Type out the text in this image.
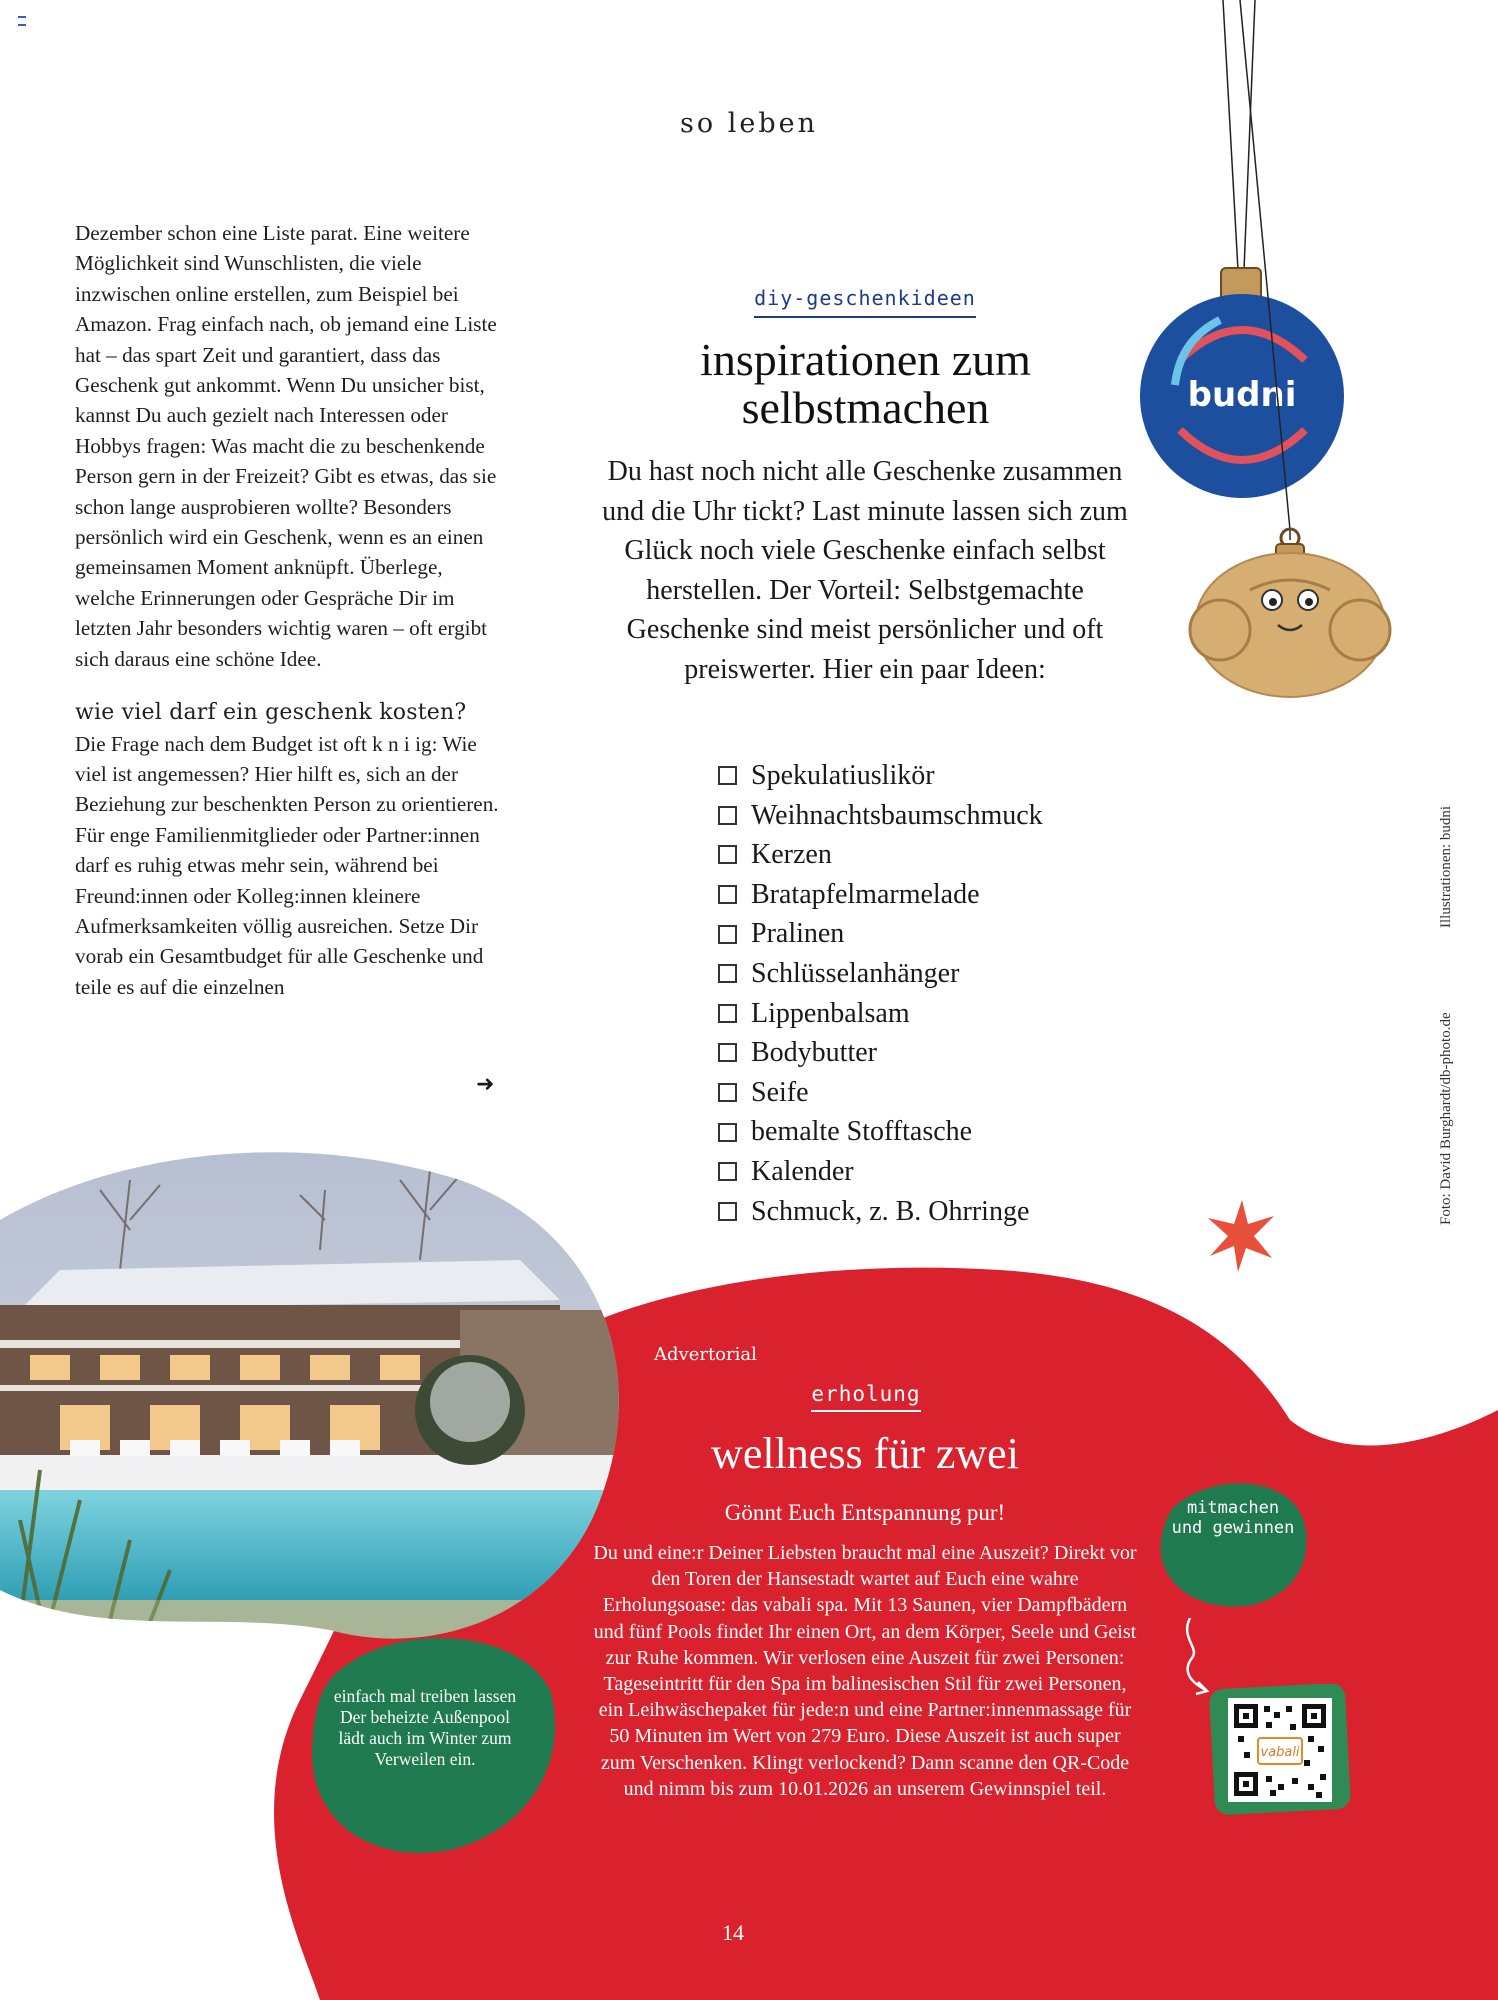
so leben
budni

Dezember schon eine Liste parat. Eine weitere Möglichkeit sind Wunschlisten, die viele inzwischen online erstellen, zum Beispiel bei Amazon. Frag einfach nach, ob jemand eine Liste hat – das spart Zeit und garantiert, dass das Geschenk gut ankommt. Wenn Du unsicher bist, kannst Du auch gezielt nach Interessen oder Hobbys fragen: Was macht die zu beschenkende Person gern in der Freizeit? Gibt es etwas, das sie schon lange ausprobieren wollte? Besonders persönlich wird ein Geschenk, wenn es an einen gemeinsamen Moment anknüpft. Überlege, welche Erinnerungen oder Gespräche Dir im letzten Jahr besonders wichtig waren – oft ergibt sich daraus eine schöne Idee.

wie viel darf ein geschenk kosten?

Die Frage nach dem Budget ist oft k n i ig: Wie viel ist angemessen? Hier hilft es, sich an der Beziehung zur beschenkten Person zu orientieren. Für enge Familienmitglieder oder Partner:innen darf es ruhig etwas mehr sein, während bei Freund:innen oder Kolleg:innen kleinere Aufmerksamkeiten völlig ausreichen. Setze Dir vorab ein Gesamtbudget für alle Geschenke und teile es auf die einzelnen

➜
diy-geschenkideen
inspirationen zum
selbstmachen
Du hast noch nicht alle Geschenke zusammen und die Uhr tickt? Last minute lassen sich zum Glück noch viele Geschenke einfach selbst herstellen. Der Vorteil: Selbstgemachte Geschenke sind meist persönlicher und oft preiswerter. Hier ein paar Ideen:
Spekulatiuslikör
Weihnachtsbaumschmuck
Kerzen
Bratapfelmarmelade
Pralinen
Schlüsselanhänger
Lippenbalsam
Bodybutter
Seife
bemalte Stofftasche
Kalender
Schmuck, z. B. Ohrringe
Illustrationen: budni
Foto: David Burghardt/db-photo.de
Advertorial
erholung
wellness für zwei
Gönnt Euch Entspannung pur!
Du und eine:r Deiner Liebsten braucht mal eine Auszeit? Direkt vor den Toren der Hansestadt wartet auf Euch eine wahre Erholungsoase: das vabali spa. Mit 13 Saunen, vier Dampfbädern und fünf Pools findet Ihr einen Ort, an dem Körper, Seele und Geist zur Ruhe kommen. Wir verlosen eine Auszeit für zwei Personen: Tageseintritt für den Spa im balinesischen Stil für zwei Personen, ein Leihwäschepaket für jede:n und eine Partner:innenmassage für 50 Minuten im Wert von 279 Euro. Diese Auszeit ist auch super zum Verschenken. Klingt verlockend? Dann scanne den QR-Code und nimm bis zum 10.01.2026 an unserem Gewinnspiel teil.
einfach mal treiben lassen Der beheizte Außenpool lädt auch im Winter zum Verweilen ein.
mitmachen und gewinnen
vabali
14
